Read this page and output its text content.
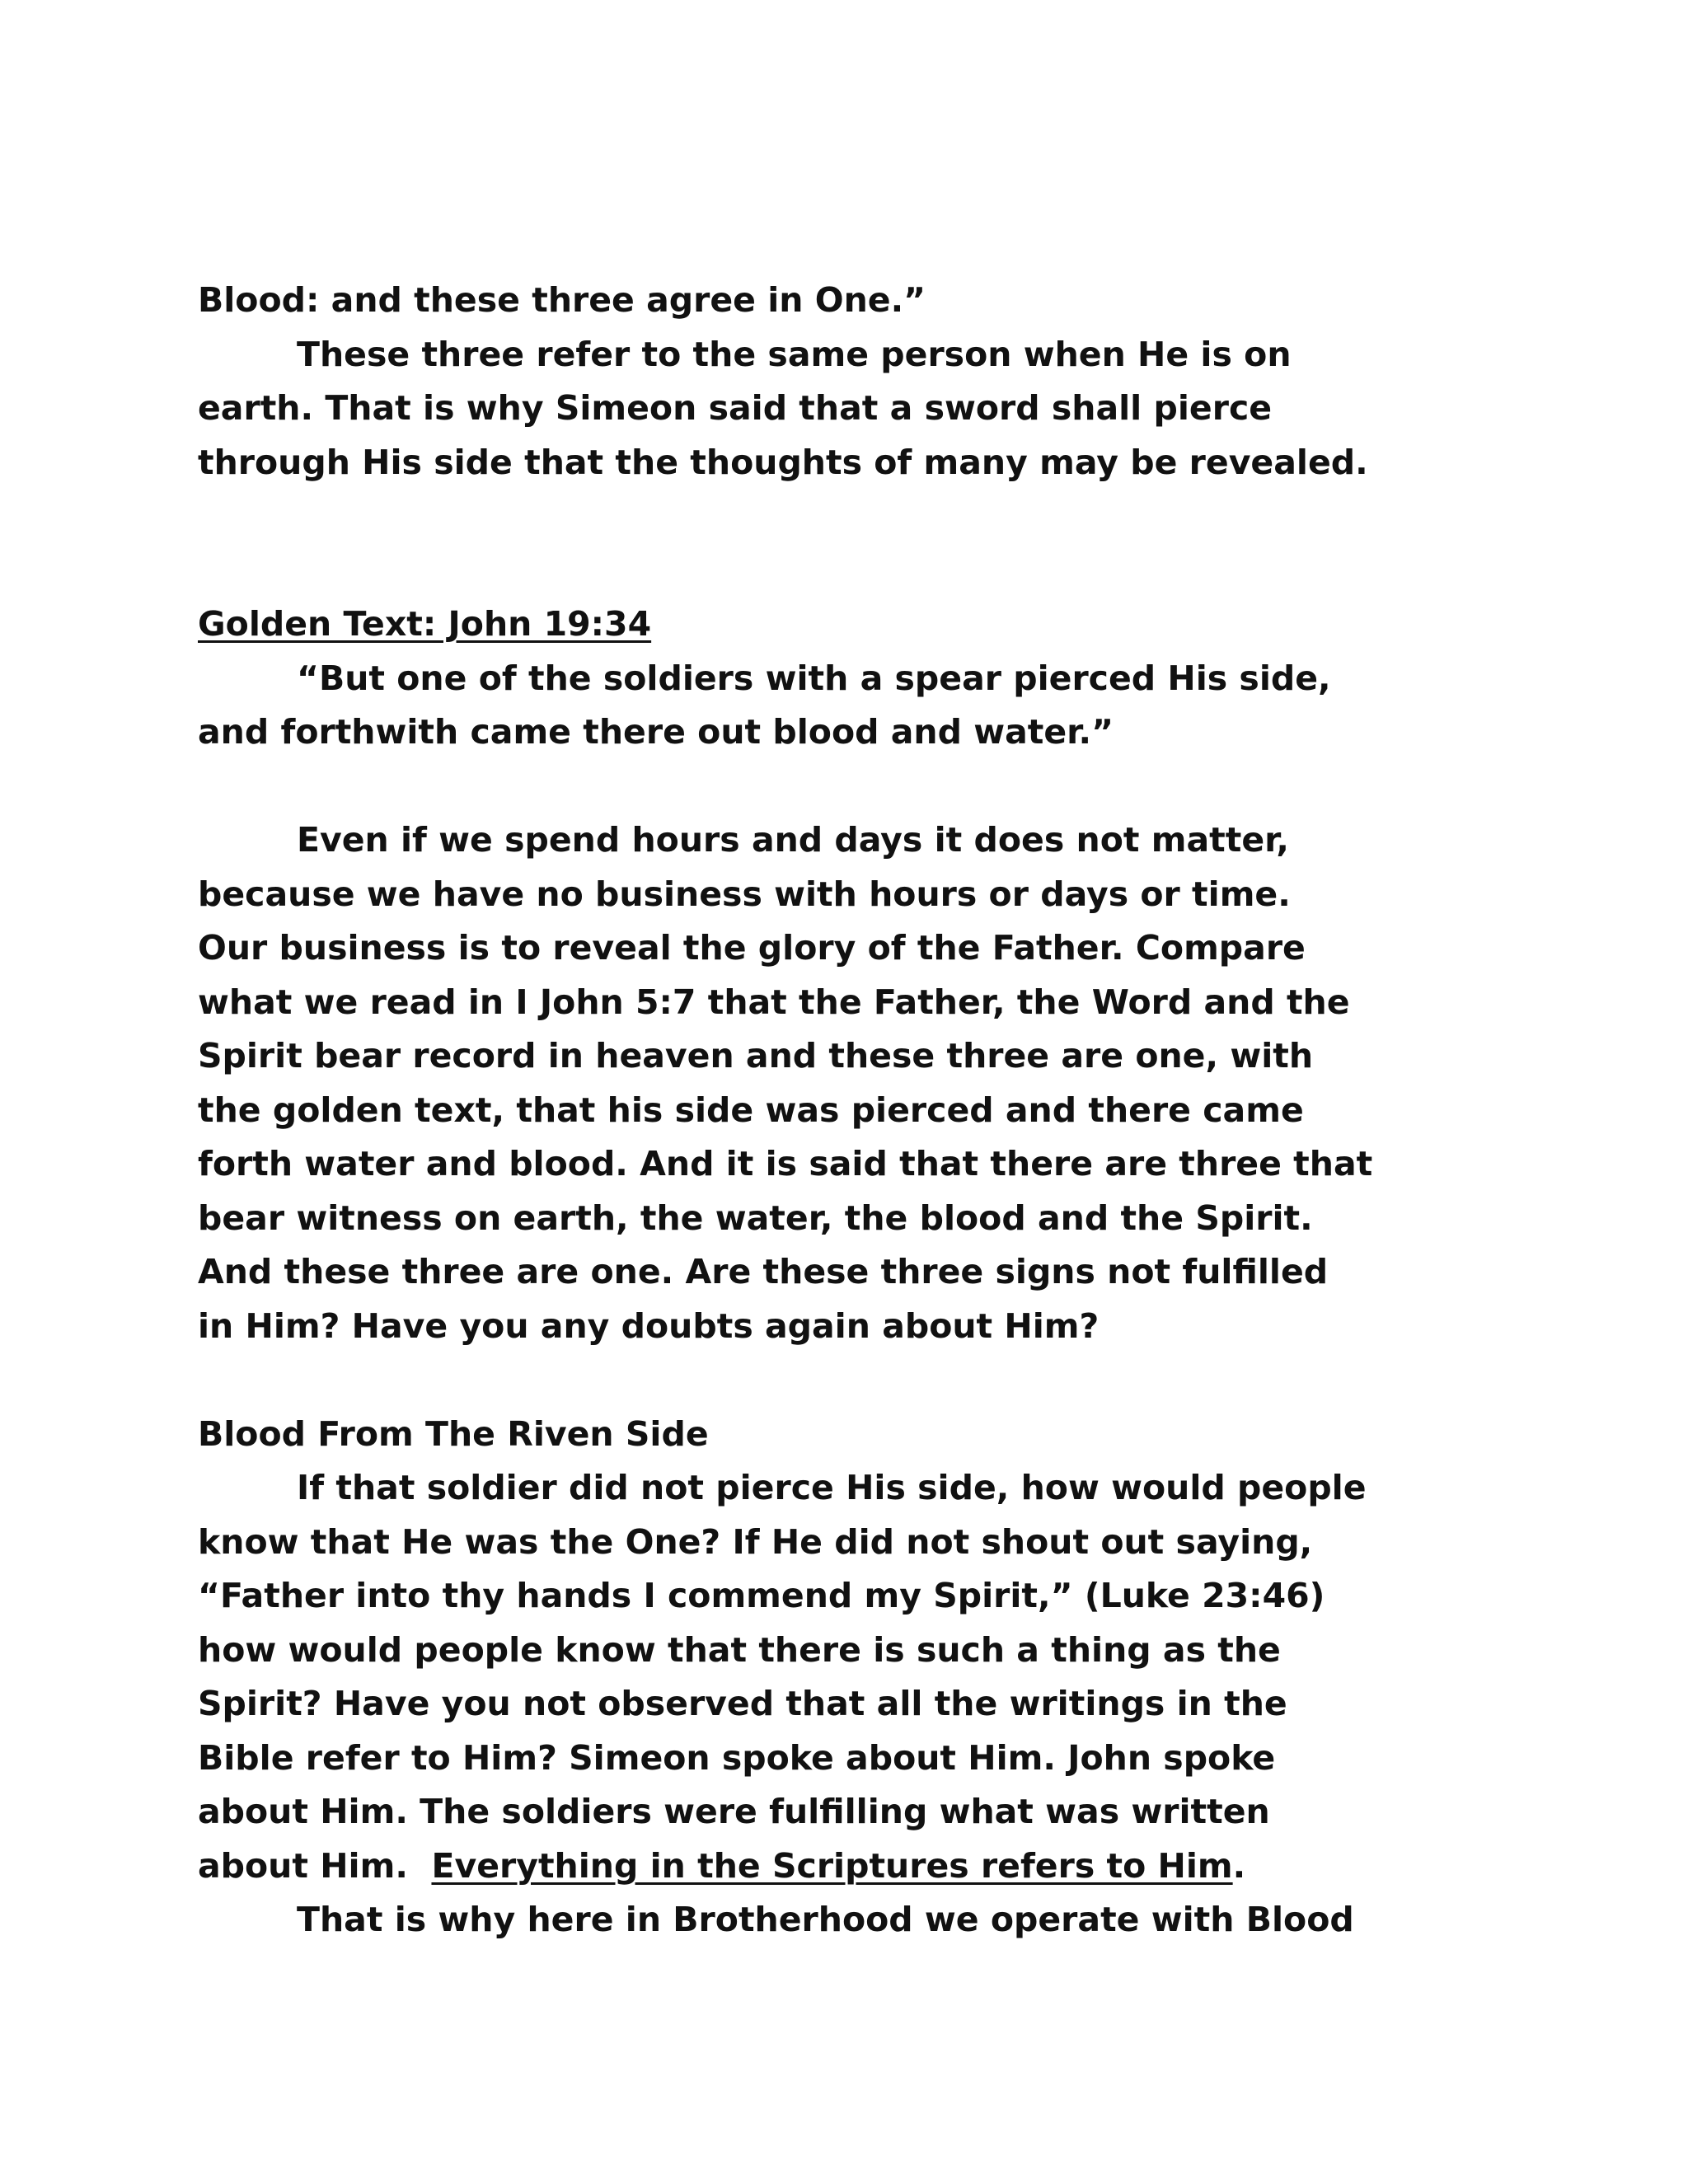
Blood: and these three agree in One.”
These three refer to the same person when He is on
earth. That is why Simeon said that a sword shall pierce
through His side that the thoughts of many may be revealed.
Golden Text: John 19:34
“But one of the soldiers with a spear pierced His side,
and forthwith came there out blood and water.”
Even if we spend hours and days it does not matter,
because we have no business with hours or days or time.
Our business is to reveal the glory of the Father. Compare
what we read in I John 5:7 that the Father, the Word and the
Spirit bear record in heaven and these three are one, with
the golden text, that his side was pierced and there came
forth water and blood. And it is said that there are three that
bear witness on earth, the water, the blood and the Spirit.
And these three are one. Are these three signs not fulfilled
in Him? Have you any doubts again about Him?
Blood From The Riven Side
If that soldier did not pierce His side, how would people
know that He was the One? If He did not shout out saying,
“Father into thy hands I commend my Spirit,” (Luke 23:46)
how would people know that there is such a thing as the
Spirit? Have you not observed that all the writings in the
Bible refer to Him? Simeon spoke about Him. John spoke
about Him. The soldiers were fulfilling what was written
about Him.  Everything in the Scriptures refers to Him.
That is why here in Brotherhood we operate with Blood
